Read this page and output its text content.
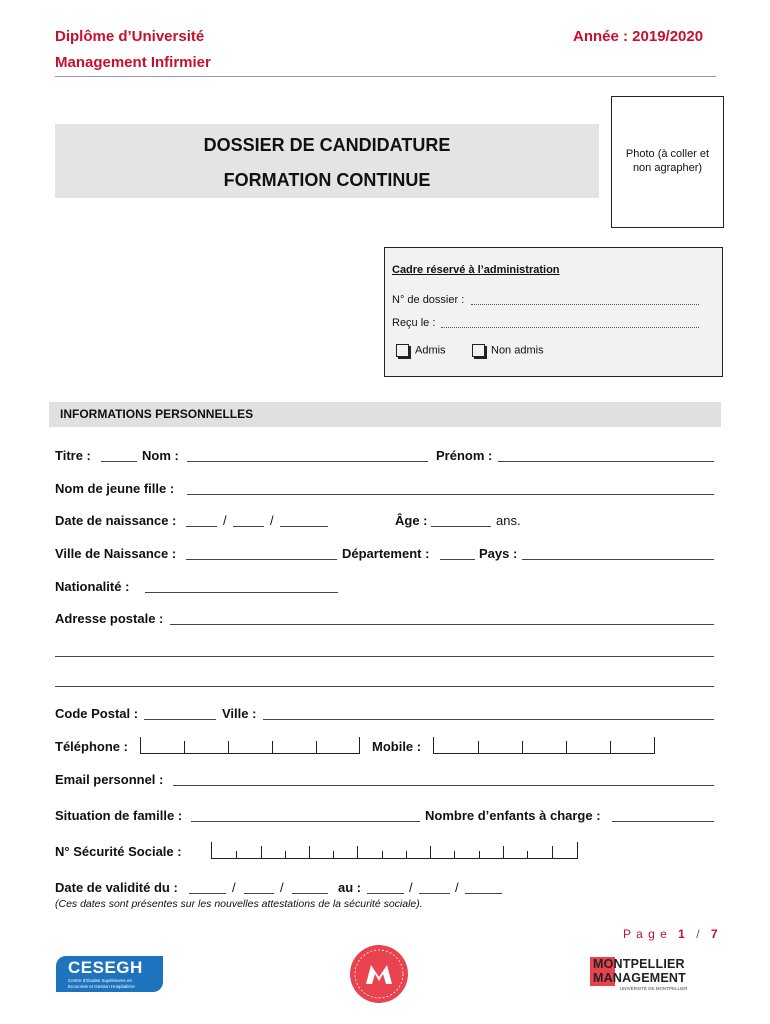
Diplôme d’Université
Management Infirmier
Année : 2019/2020
DOSSIER DE CANDIDATURE
FORMATION CONTINUE
Photo (à coller et
non agrapher)
Cadre réservé à l’administration
N° de dossier :
Reçu le :
Admis	Non admis
INFORMATIONS PERSONNELLES
Titre :	Nom :	Prénom :
Nom de jeune fille :
Date de naissance :	/	/	Âge :	ans.
Ville de Naissance :	Département :	Pays :
Nationalité :
Adresse postale :
Code Postal :	Ville :
Téléphone :	Mobile :
Email personnel :
Situation de famille :	Nombre d’enfants à charge :
N° Sécurité Sociale :
Date de validité du :	/	/	au :	/	/
(Ces dates sont présentes sur les nouvelles attestations de la sécurité sociale).
P a g e 1 / 7
CESEGH
Centre d’Etudes Supérieures en
Economie et Gestion Hospitalière
MONTPELLIER
MANAGEMENT
UNIVERSITÉ DE MONTPELLIER
